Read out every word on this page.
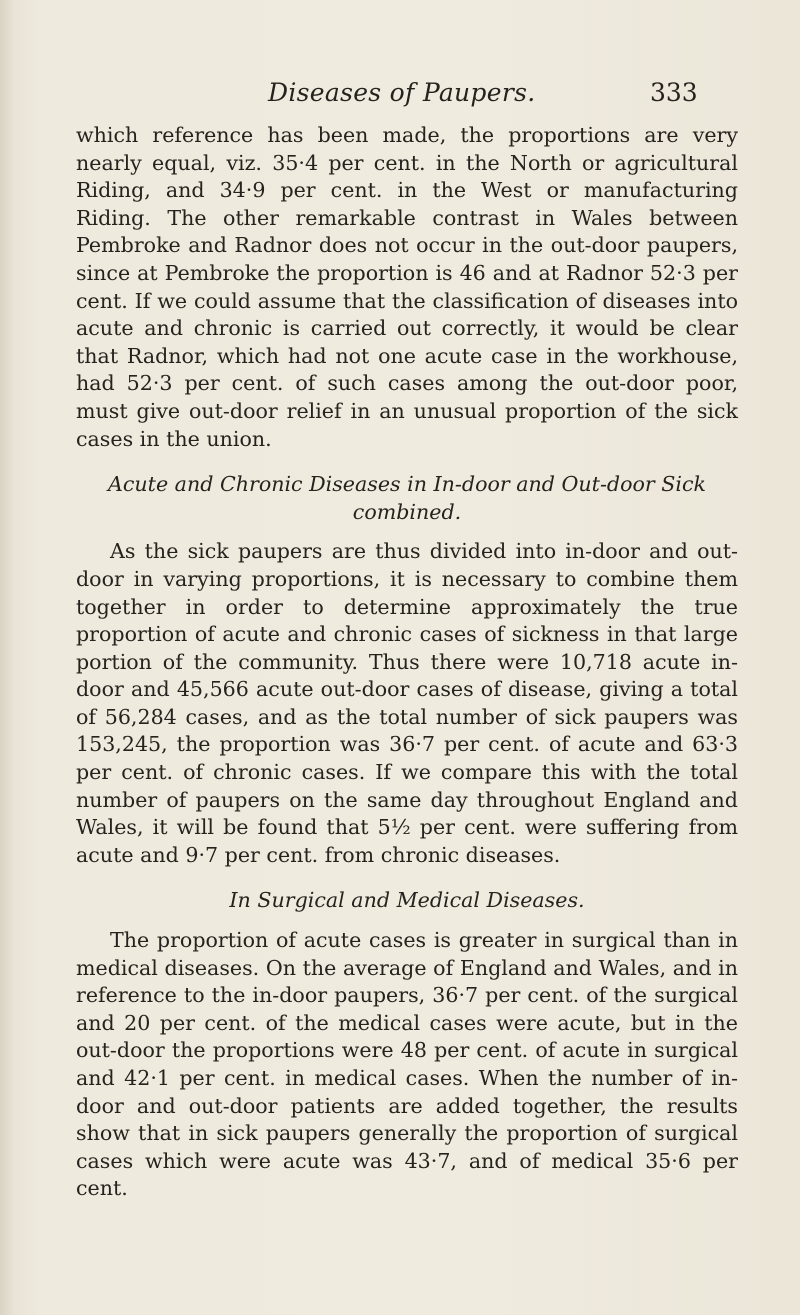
Diseases of Paupers.	333

which reference has been made, the proportions are very nearly equal, viz. 35·4 per cent. in the North or agricultural Riding, and 34·9 per cent. in the West or manufacturing Riding. The other remarkable contrast in Wales between Pembroke and Radnor does not occur in the out-door paupers, since at Pembroke the proportion is 46 and at Radnor 52·3 per cent. If we could assume that the classification of diseases into acute and chronic is carried out correctly, it would be clear that Radnor, which had not one acute case in the workhouse, had 52·3 per cent. of such cases among the out-door poor, must give out-door relief in an unusual proportion of the sick cases in the union.

Acute and Chronic Diseases in In-door and Out-door Sick
combined.

As the sick paupers are thus divided into in-door and out-door in varying proportions, it is necessary to combine them together in order to determine approximately the true proportion of acute and chronic cases of sickness in that large portion of the community. Thus there were 10,718 acute in-door and 45,566 acute out-door cases of disease, giving a total of 56,284 cases, and as the total number of sick paupers was 153,245, the proportion was 36·7 per cent. of acute and 63·3 per cent. of chronic cases. If we compare this with the total number of paupers on the same day throughout England and Wales, it will be found that 5½ per cent. were suffering from acute and 9·7 per cent. from chronic diseases.

In Surgical and Medical Diseases.

The proportion of acute cases is greater in surgical than in medical diseases. On the average of England and Wales, and in reference to the in-door paupers, 36·7 per cent. of the surgical and 20 per cent. of the medical cases were acute, but in the out-door the proportions were 48 per cent. of acute in surgical and 42·1 per cent. in medical cases. When the number of in-door and out-door patients are added together, the results show that in sick paupers generally the proportion of surgical cases which were acute was 43·7, and of medical 35·6 per cent.
